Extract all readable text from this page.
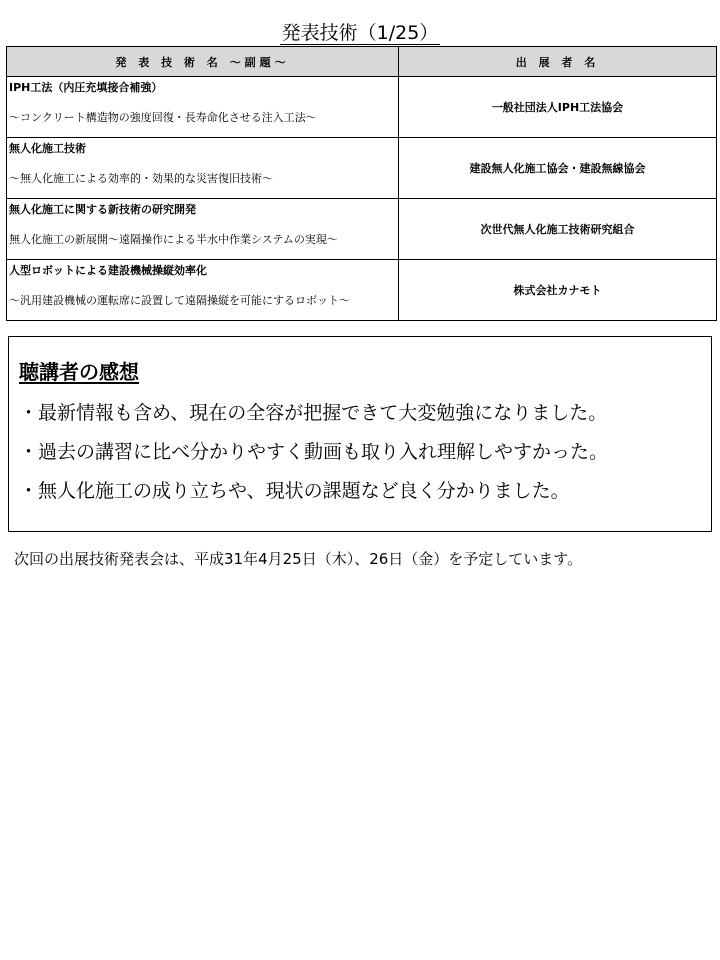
発表技術（1/25）
発 表 技 術 名 ～副題～	出 展 者 名

IPH工法（内圧充填接合補強）
～コンクリート構造物の強度回復・長寿命化させる注入工法～	一般社団法人IPH工法協会

無人化施工技術
～無人化施工による効率的・効果的な災害復旧技術～	建設無人化施工協会・建設無線協会

無人化施工に関する新技術の研究開発
無人化施工の新展開～遠隔操作による半水中作業システムの実現～	次世代無人化施工技術研究組合

人型ロボットによる建設機械操縦効率化
～汎用建設機械の運転席に設置して遠隔操縦を可能にするロボット～	株式会社カナモト
聴講者の感想
・最新情報も含め、現在の全容が把握できて大変勉強になりました。
・過去の講習に比べ分かりやすく動画も取り入れ理解しやすかった。
・無人化施工の成り立ちや、現状の課題など良く分かりました。
次回の出展技術発表会は、平成31年4月25日（木）、26日（金）を予定しています。
